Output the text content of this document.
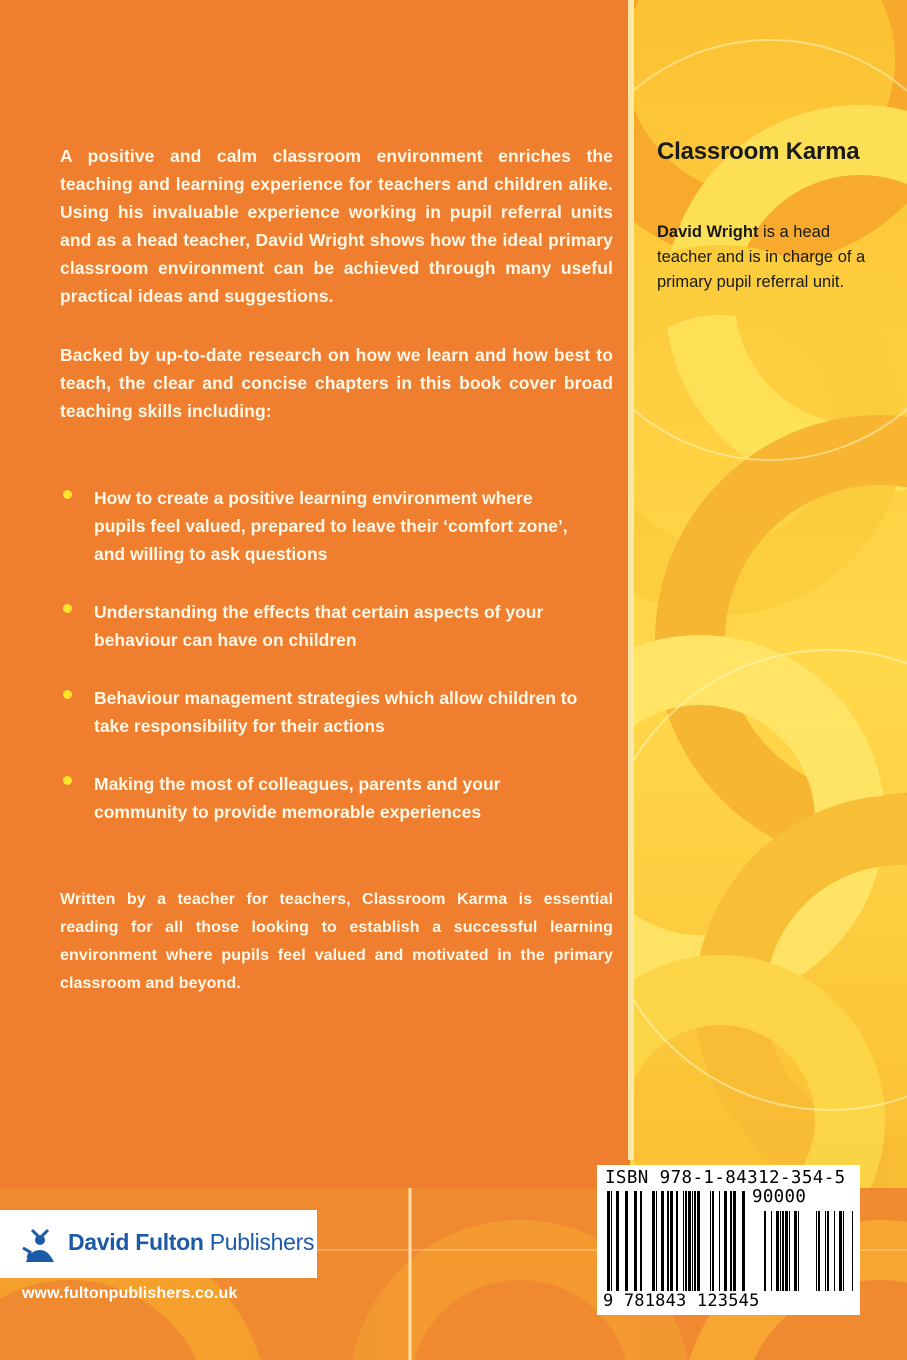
A positive and calm classroom environment enriches the teaching and learning experience for teachers and children alike. Using his invaluable experience working in pupil referral units and as a head teacher, David Wright shows how the ideal primary classroom environment can be achieved through many useful practical ideas and suggestions.

Backed by up-to-date research on how we learn and how best to teach, the clear and concise chapters in this book cover broad teaching skills including:

How to create a positive learning environment where pupils feel valued, prepared to leave their ‘comfort zone’, and willing to ask questions
Understanding the effects that certain aspects of your behaviour can have on children
Behaviour management strategies which allow children to take responsibility for their actions
Making the most of colleagues, parents and your community to provide memorable experiences

Written by a teacher for teachers, Classroom Karma is essential reading for all those looking to establish a successful learning environment where pupils feel valued and motivated in the primary classroom and beyond.

Classroom Karma

David Wright is a head teacher and is in charge of a primary pupil referral unit.

David Fulton Publishers
www.fultonpublishers.co.uk
ISBN 978-1-84312-354-5
90000
9 781843 123545
